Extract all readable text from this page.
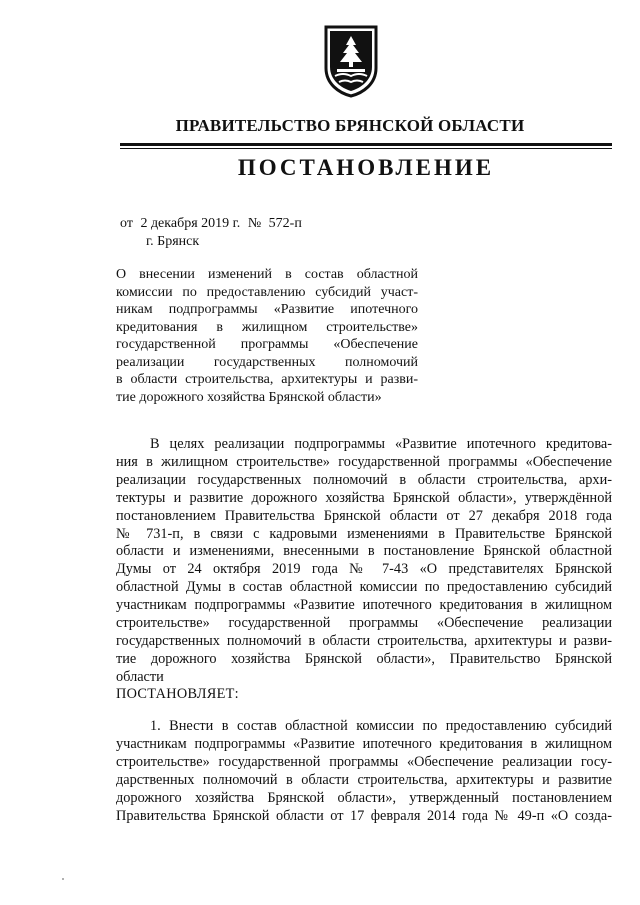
ПРАВИТЕЛЬСТВО БРЯНСКОЙ ОБЛАСТИ
ПОСТАНОВЛЕНИЕ
от 2 декабря 2019 г. № 572-п
г. Брянск
О внесении изменений в состав областной
комиссии по предоставлению субсидий участ-
никам подпрограммы «Развитие ипотечного
кредитования в жилищном строительстве»
государственной программы «Обеспечение
реализации государственных полномочий
в области строительства, архитектуры и разви-
тие дорожного хозяйства Брянской области»
В целях реализации подпрограммы «Развитие ипотечного кредитова-
ния в жилищном строительстве» государственной программы «Обеспечение
реализации государственных полномочий в области строительства, архи-
тектуры и развитие дорожного хозяйства Брянской области», утверждённой
постановлением Правительства Брянской области от 27 декабря 2018 года
№ 731-п, в связи с кадровыми изменениями в Правительстве Брянской
области и изменениями, внесенными в постановление Брянской областной
Думы от 24 октября 2019 года № 7-43 «О представителях Брянской
областной Думы в состав областной комиссии по предоставлению субсидий
участникам подпрограммы «Развитие ипотечного кредитования в жилищном
строительстве» государственной программы «Обеспечение реализации
государственных полномочий в области строительства, архитектуры и разви-
тие дорожного хозяйства Брянской области», Правительство Брянской
области
ПОСТАНОВЛЯЕТ:
1. Внести в состав областной комиссии по предоставлению субсидий
участникам подпрограммы «Развитие ипотечного кредитования в жилищном
строительстве» государственной программы «Обеспечение реализации госу-
дарственных полномочий в области строительства, архитектуры и развитие
дорожного хозяйства Брянской области», утвержденный постановлением
Правительства Брянской области от 17 февраля 2014 года № 49-п «О созда-
